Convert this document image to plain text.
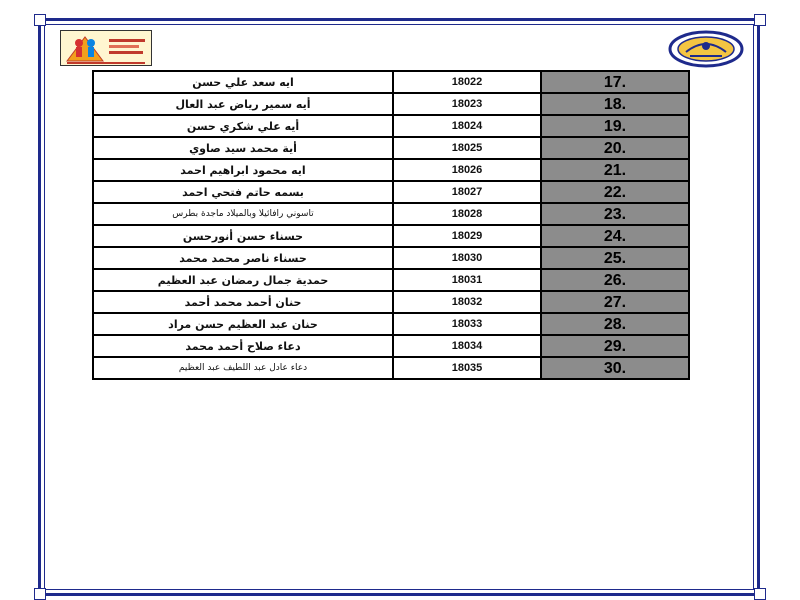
ايه سعد علي حسن	18022	17.
أيه سمير رياض عبد العال	18023	18.
أيه علي شكري حسن	18024	19.
أية محمد سيد صاوي	18025	20.
ايه محمود ابراهيم احمد	18026	21.
بسمه حاتم فتحي احمد	18027	22.
تاسوني رافائيلا وبالميلاد ماجدة بطرس	18028	23.
حسناء حسن أنورحسن	18029	24.
حسناء ناصر محمد محمد	18030	25.
حمدية جمال رمضان عبد العظيم	18031	26.
حنان أحمد محمد أحمد	18032	27.
حنان عبد العظيم حسن مراد	18033	28.
دعاء صلاح أحمد محمد	18034	29.
دعاء عادل عبد اللطيف عبد العظيم	18035	30.
